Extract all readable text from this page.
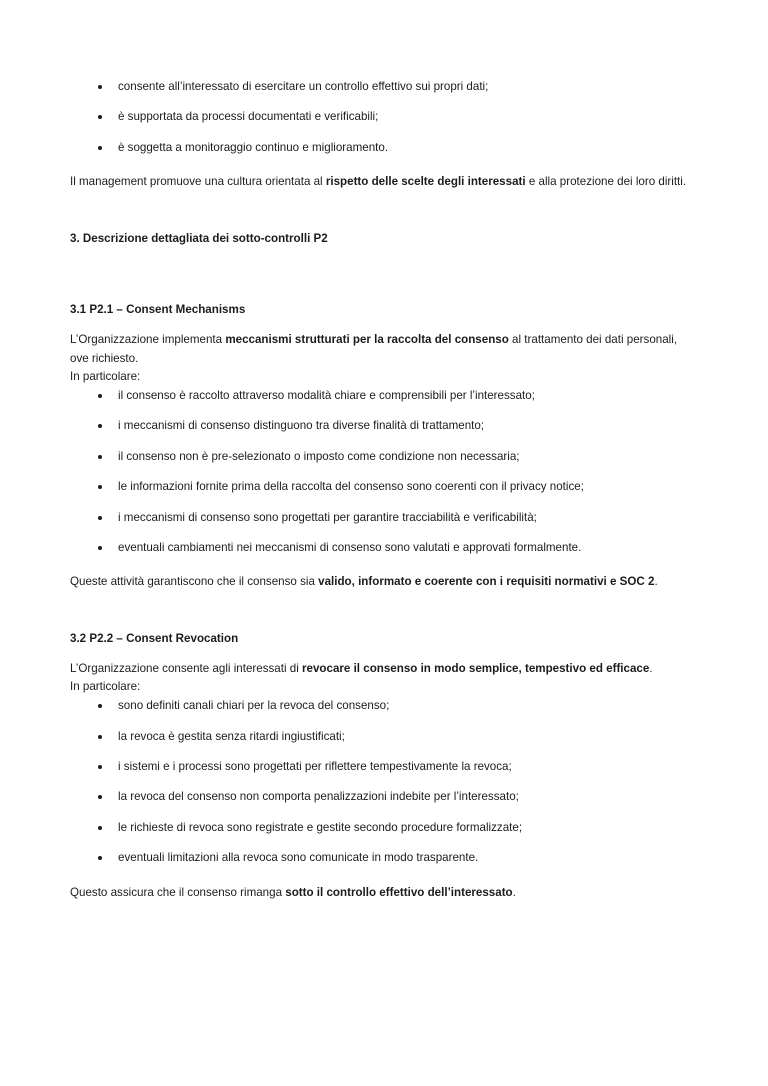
consente all’interessato di esercitare un controllo effettivo sui propri dati;
è supportata da processi documentati e verificabili;
è soggetta a monitoraggio continuo e miglioramento.

Il management promuove una cultura orientata al rispetto delle scelte degli interessati e alla protezione dei loro diritti.

3. Descrizione dettagliata dei sotto-controlli P2
3.1 P2.1 – Consent Mechanisms

L’Organizzazione implementa meccanismi strutturati per la raccolta del consenso al trattamento dei dati personali, ove richiesto.

In particolare:

il consenso è raccolto attraverso modalità chiare e comprensibili per l’interessato;
i meccanismi di consenso distinguono tra diverse finalità di trattamento;
il consenso non è pre-selezionato o imposto come condizione non necessaria;
le informazioni fornite prima della raccolta del consenso sono coerenti con il privacy notice;
i meccanismi di consenso sono progettati per garantire tracciabilità e verificabilità;
eventuali cambiamenti nei meccanismi di consenso sono valutati e approvati formalmente.

Queste attività garantiscono che il consenso sia valido, informato e coerente con i requisiti normativi e SOC 2.

3.2 P2.2 – Consent Revocation

L’Organizzazione consente agli interessati di revocare il consenso in modo semplice, tempestivo ed efficace.

In particolare:

sono definiti canali chiari per la revoca del consenso;
la revoca è gestita senza ritardi ingiustificati;
i sistemi e i processi sono progettati per riflettere tempestivamente la revoca;
la revoca del consenso non comporta penalizzazioni indebite per l’interessato;
le richieste di revoca sono registrate e gestite secondo procedure formalizzate;
eventuali limitazioni alla revoca sono comunicate in modo trasparente.

Questo assicura che il consenso rimanga sotto il controllo effettivo dell’interessato.
